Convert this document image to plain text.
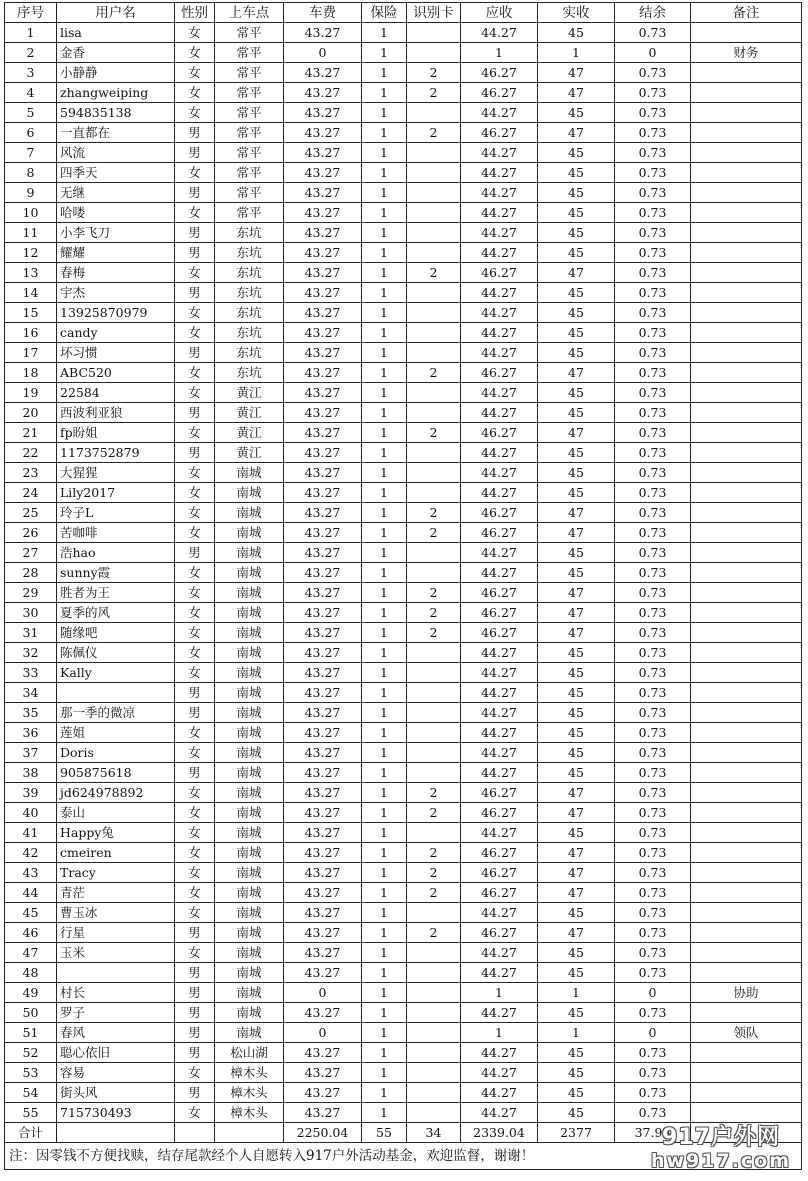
序号	用户名	性别	上车点	车费	保险	识别卡	应收	实收	结余	备注
1	lisa	女	常平	43.27	1		44.27	45	0.73	
2	金香	女	常平	0	1		1	1	0	财务
3	小静静	女	常平	43.27	1	2	46.27	47	0.73	
4	zhangweiping	女	常平	43.27	1	2	46.27	47	0.73	
5	594835138	女	常平	43.27	1		44.27	45	0.73	
6	一直都在	男	常平	43.27	1	2	46.27	47	0.73	
7	风流	男	常平	43.27	1		44.27	45	0.73	
8	四季天	女	常平	43.27	1		44.27	45	0.73	
9	无继	男	常平	43.27	1		44.27	45	0.73	
10	哈喽	女	常平	43.27	1		44.27	45	0.73	
11	小李飞刀	男	东坑	43.27	1		44.27	45	0.73	
12	耀耀	男	东坑	43.27	1		44.27	45	0.73	
13	春梅	女	东坑	43.27	1	2	46.27	47	0.73	
14	宇杰	男	东坑	43.27	1		44.27	45	0.73	
15	13925870979	女	东坑	43.27	1		44.27	45	0.73	
16	candy	女	东坑	43.27	1		44.27	45	0.73	
17	坏习惯	男	东坑	43.27	1		44.27	45	0.73	
18	ABC520	女	东坑	43.27	1	2	46.27	47	0.73	
19	22584	女	黄江	43.27	1		44.27	45	0.73	
20	西波利亚狼	男	黄江	43.27	1		44.27	45	0.73	
21	fp盼姐	女	黄江	43.27	1	2	46.27	47	0.73	
22	1173752879	男	黄江	43.27	1		44.27	45	0.73	
23	大猩猩	女	南城	43.27	1		44.27	45	0.73	
24	Lily2017	女	南城	43.27	1		44.27	45	0.73	
25	玲子L	女	南城	43.27	1	2	46.27	47	0.73	
26	苦咖啡	女	南城	43.27	1	2	46.27	47	0.73	
27	浩hao	男	南城	43.27	1		44.27	45	0.73	
28	sunny霞	女	南城	43.27	1		44.27	45	0.73	
29	胜者为王	女	南城	43.27	1	2	46.27	47	0.73	
30	夏季的风	女	南城	43.27	1	2	46.27	47	0.73	
31	随缘吧	女	南城	43.27	1	2	46.27	47	0.73	
32	陈佩仪	女	南城	43.27	1		44.27	45	0.73	
33	Kally	女	南城	43.27	1		44.27	45	0.73	
34		男	南城	43.27	1		44.27	45	0.73	
35	那一季的微凉	男	南城	43.27	1		44.27	45	0.73	
36	莲姐	女	南城	43.27	1		44.27	45	0.73	
37	Doris	女	南城	43.27	1		44.27	45	0.73	
38	905875618	男	南城	43.27	1		44.27	45	0.73	
39	jd624978892	女	南城	43.27	1	2	46.27	47	0.73	
40	泰山	女	南城	43.27	1	2	46.27	47	0.73	
41	Happy兔	女	南城	43.27	1		44.27	45	0.73	
42	cmeiren	女	南城	43.27	1	2	46.27	47	0.73	
43	Tracy	女	南城	43.27	1	2	46.27	47	0.73	
44	青茫	女	南城	43.27	1	2	46.27	47	0.73	
45	曹玉冰	女	南城	43.27	1		44.27	45	0.73	
46	行星	男	南城	43.27	1	2	46.27	47	0.73	
47	玉米	女	南城	43.27	1		44.27	45	0.73	
48		男	南城	43.27	1		44.27	45	0.73	
49	村长	男	南城	0	1		1	1	0	协助
50	罗子	男	南城	43.27	1		44.27	45	0.73	
51	春风	男	南城	0	1		1	1	0	领队
52	聪心依旧	男	松山湖	43.27	1		44.27	45	0.73	
53	容易	女	樟木头	43.27	1		44.27	45	0.73	
54	街头风	男	樟木头	43.27	1		44.27	45	0.73	
55	715730493	女	樟木头	43.27	1		44.27	45	0.73	
合计				2250.04	55	34	2339.04	2377	37.96	
注：因零钱不方便找赎，结存尾款经个人自愿转入917户外活动基金，欢迎监督，谢谢！										
917户外网
hw917.com
